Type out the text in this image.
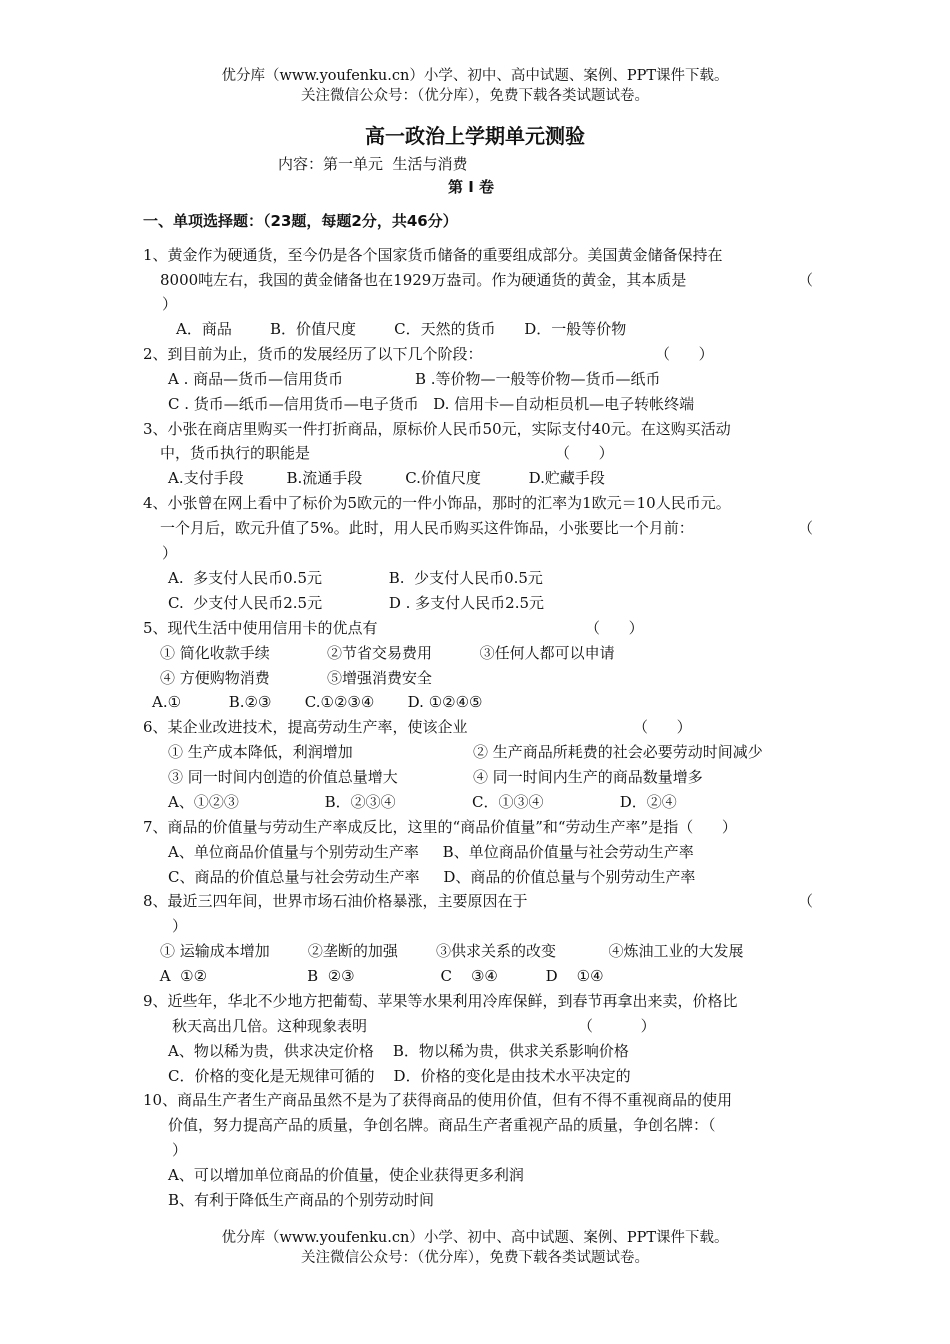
优分库（www.youfenku.cn）小学、初中、高中试题、案例、PPT课件下载。
关注微信公众号：（优分库），免费下载各类试题试卷。
高一政治上学期单元测验
内容：第一单元  生活与消费
第 Ⅰ 卷
一、单项选择题：（23题，每题2分，共46分）
1、黄金作为硬通货，至今仍是各个国家货币储备的重要组成部分。美国黄金储备保持在
8000吨左右，我国的黄金储备也在1929万盎司。作为硬通货的黄金，其本质是	（
）
A．商品        B．价值尺度        C．天然的货币      D．一般等价物
2、到目前为止，货币的发展经历了以下几个阶段：	（      ）
A . 商品—货币—信用货币	B .等价物—一般等价物—货币—纸币
C . 货币—纸币—信用货币—电子货币   D. 信用卡—自动柜员机—电子转帐终端
3、小张在商店里购买一件打折商品，原标价人民币50元，实际支付40元。在这购买活动
中，货币执行的职能是	（      ）
A.支付手段         B.流通手段         C.价值尺度          D.贮藏手段
4、小张曾在网上看中了标价为5欧元的一件小饰品，那时的汇率为1欧元＝10人民币元。
一个月后，欧元升值了5%。此时，用人民币购买这件饰品，小张要比一个月前：	（
）
A.  多支付人民币0.5元              B.  少支付人民币0.5元
C.  少支付人民币2.5元              D . 多支付人民币2.5元
5、现代生活中使用信用卡的优点有	（      ）
① 简化收款手续            ②节省交易费用          ③任何人都可以申请
④ 方便购物消费            ⑤增强消费安全
A.①          B.②③       C.①②③④       D. ①②④⑤
6、某企业改进技术，提高劳动生产率，使该企业	（      ）
① 生产成本降低，利润增加	② 生产商品所耗费的社会必要劳动时间减少
③ 同一时间内创造的价值总量增大	④ 同一时间内生产的商品数量增多
A、①②③                  B．②③④                C．①③④                D．②④
7、商品的价值量与劳动生产率成反比，这里的“商品价值量”和“劳动生产率”是指（      ）
A、单位商品价值量与个别劳动生产率     B、单位商品价值量与社会劳动生产率
C、商品的价值总量与社会劳动生产率     D、商品的价值总量与个别劳动生产率
8、最近三四年间，世界市场石油价格暴涨，主要原因在于	（
）
① 运输成本增加        ②垄断的加强        ③供求关系的改变           ④炼油工业的大发展
A  ①②                     B  ②③                  C    ③④          D    ①④
9、近些年，华北不少地方把葡萄、苹果等水果利用冷库保鲜，到春节再拿出来卖，价格比
秋天高出几倍。这种现象表明	（          ）
A、物以稀为贵，供求决定价格    B．物以稀为贵，供求关系影响价格
C．价格的变化是无规律可循的    D．价格的变化是由技术水平决定的
10、商品生产者生产商品虽然不是为了获得商品的使用价值，但有不得不重视商品的使用
价值，努力提高产品的质量，争创名牌。商品生产者重视产品的质量，争创名牌：（
）
A、可以增加单位商品的价值量，使企业获得更多利润
B、有利于降低生产商品的个别劳动时间
优分库（www.youfenku.cn）小学、初中、高中试题、案例、PPT课件下载。
关注微信公众号：（优分库），免费下载各类试题试卷。
